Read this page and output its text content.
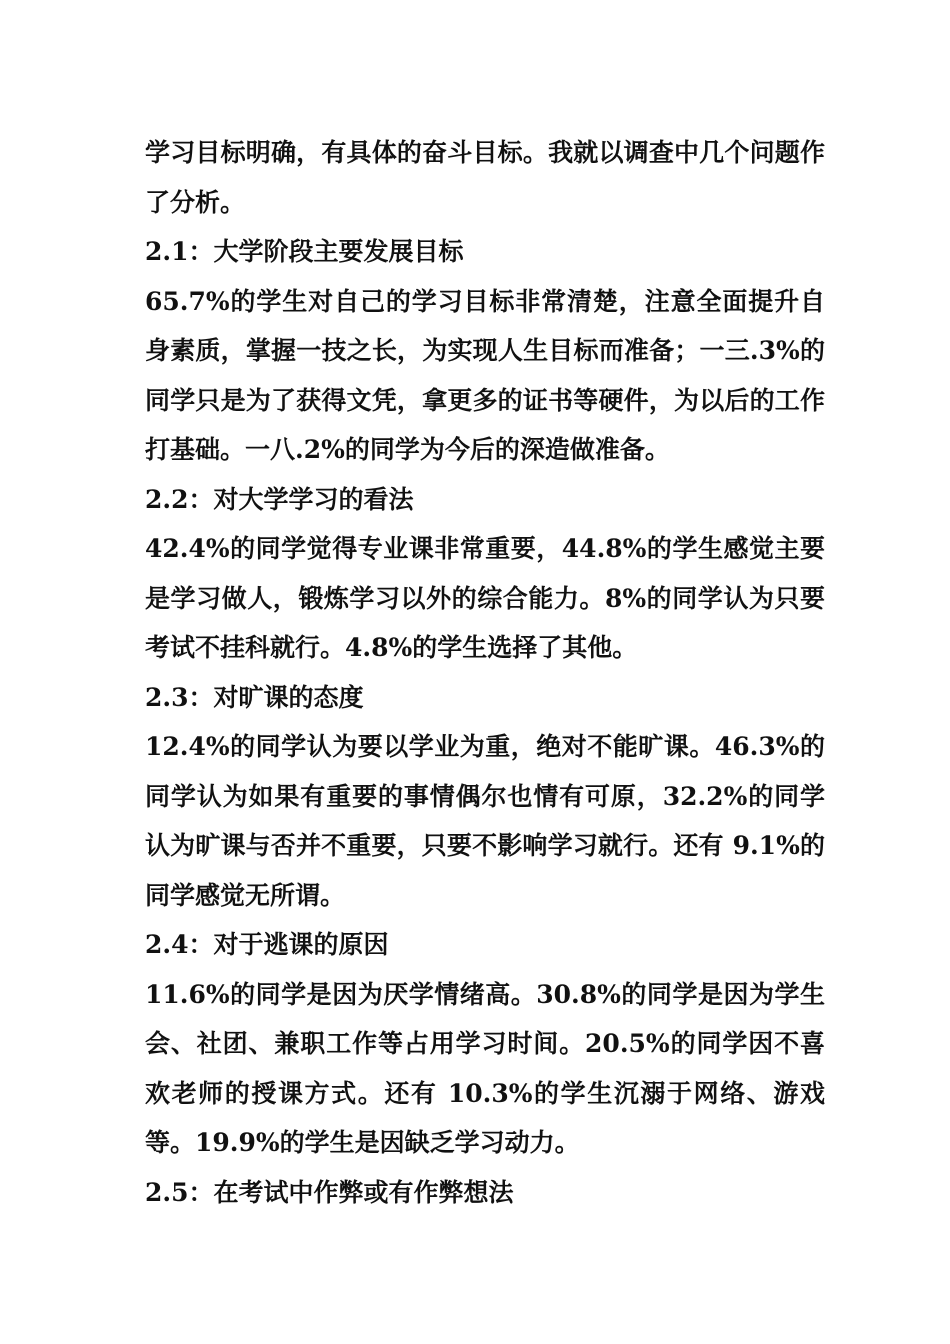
学习目标明确，有具体的奋斗目标。我就以调查中几个问题作了分析。

2.1：大学阶段主要发展目标

65.7%的学生对自己的学习目标非常清楚，注意全面提升自身素质，掌握一技之长，为实现人生目标而准备；一三.3%的同学只是为了获得文凭，拿更多的证书等硬件，为以后的工作打基础。一八.2%的同学为今后的深造做准备。

2.2：对大学学习的看法

42.4%的同学觉得专业课非常重要，44.8%的学生感觉主要是学习做人，锻炼学习以外的综合能力。8%的同学认为只要考试不挂科就行。4.8%的学生选择了其他。

2.3：对旷课的态度

12.4%的同学认为要以学业为重，绝对不能旷课。46.3%的同学认为如果有重要的事情偶尔也情有可原，32.2%的同学认为旷课与否并不重要，只要不影响学习就行。还有 9.1%的同学感觉无所谓。

2.4：对于逃课的原因

11.6%的同学是因为厌学情绪高。30.8%的同学是因为学生会、社团、兼职工作等占用学习时间。20.5%的同学因不喜欢老师的授课方式。还有 10.3%的学生沉溺于网络、游戏等。19.9%的学生是因缺乏学习动力。

2.5：在考试中作弊或有作弊想法
